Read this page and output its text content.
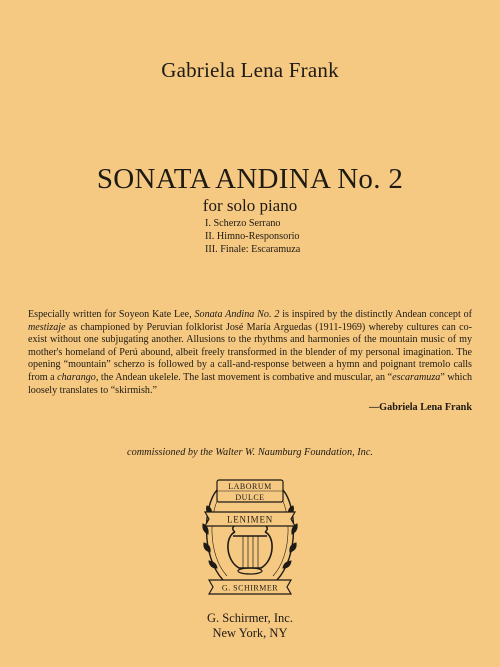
Gabriela Lena Frank
SONATA ANDINA No. 2
for solo piano
I. Scherzo Serrano
II. Himno-Responsorio
III. Finale: Escaramuza

Especially written for Soyeon Kate Lee, Sonata Andina No. 2 is inspired by the distinctly Andean concept of mestizaje as championed by Peruvian folklorist José María Arguedas (1911-1969) whereby cultures can co-exist without one subjugating another. Allusions to the rhythms and harmonies of the mountain music of my mother's homeland of Perú abound, albeit freely transformed in the blender of my personal imagination. The opening “mountain” scherzo is followed by a call-and-response between a hymn and poignant tremolo calls from a charango, the Andean ukelele. The last movement is combative and muscular, an “escaramuza” which loosely translates to “skirmish.”

—Gabriela Lena Frank
commissioned by the Walter W. Naumburg Foundation, Inc.
LABORUM
DULCE
LENIMEN
G. SCHIRMER
G. Schirmer, Inc.
New York, NY
